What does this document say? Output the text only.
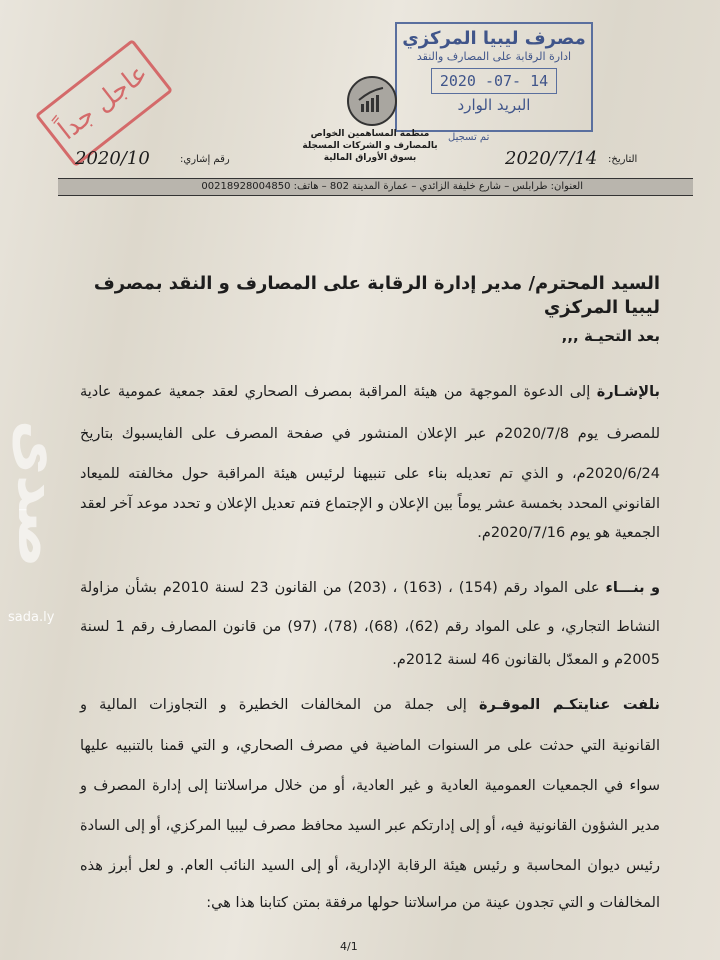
عاجل جداً
مصرف ليبيا المركزي
ادارة الرقابة على المصارف والنقد
2020 -07- 14
البريد الوارد
تم تسجيل
منظمة المساهمين الخواص
بالمصارف و الشركات المسجلة
بسوق الأوراق المالية	التاريخ:
2020/7/14
رقم إشاري:
2020/10
العنوان: طرابلس – شارع خليفة الزائدي – عمارة المدينة 802 – هاتف: 00218928004850
السيد المحترم/ مدير إدارة الرقابة على المصارف و النقد بمصرف ليبيا المركزي
بعد التحيـة ,,,
بالإشـارة إلى الدعوة الموجهة من هيئة المراقبة بمصرف الصحاري لعقد جمعية عمومية عادية
للمصرف يوم 2020/7/8م عبر الإعلان المنشور في صفحة المصرف على الفايسبوك بتاريخ
2020/6/24م، و الذي تم تعديله بناء على تنبيهنا لرئيس هيئة المراقبة حول مخالفته للميعاد
القانوني المحدد بخمسة عشر يوماً بين الإعلان و الإجتماع فتم تعديل الإعلان و تحدد موعد آخر لعقد
الجمعية هو يوم 2020/7/16م.
و بنـــاء على المواد رقم (154) ، (163) ، (203) من القانون 23 لسنة 2010م بشأن مزاولة
النشاط التجاري، و على المواد رقم (62)، (68)، (78)، (97) من قانون المصارف رقم 1 لسنة
2005م و المعدّل بالقانون 46 لسنة 2012م.
نلفت عنايتكـم الموقـرة إلى جملة من المخالفات الخطيرة و التجاوزات المالية و
القانونية التي حدثت على مر السنوات الماضية في مصرف الصحاري، و التي قمنا بالتنبيه عليها
سواء في الجمعيات العمومية العادية و غير العادية، أو من خلال مراسلاتنا إلى إدارة المصرف و
مدير الشؤون القانونية فيه، أو إلى إدارتكم عبر السيد محافظ مصرف ليبيا المركزي، أو إلى السادة
رئيس ديوان المحاسبة و رئيس هيئة الرقابة الإدارية، أو إلى السيد النائب العام. و لعل أبرز هذه
المخالفات و التي تجدون عينة من مراسلاتنا حولها مرفقة بمتن كتابنا هذا هي:
صدى
sada.ly
4/1
